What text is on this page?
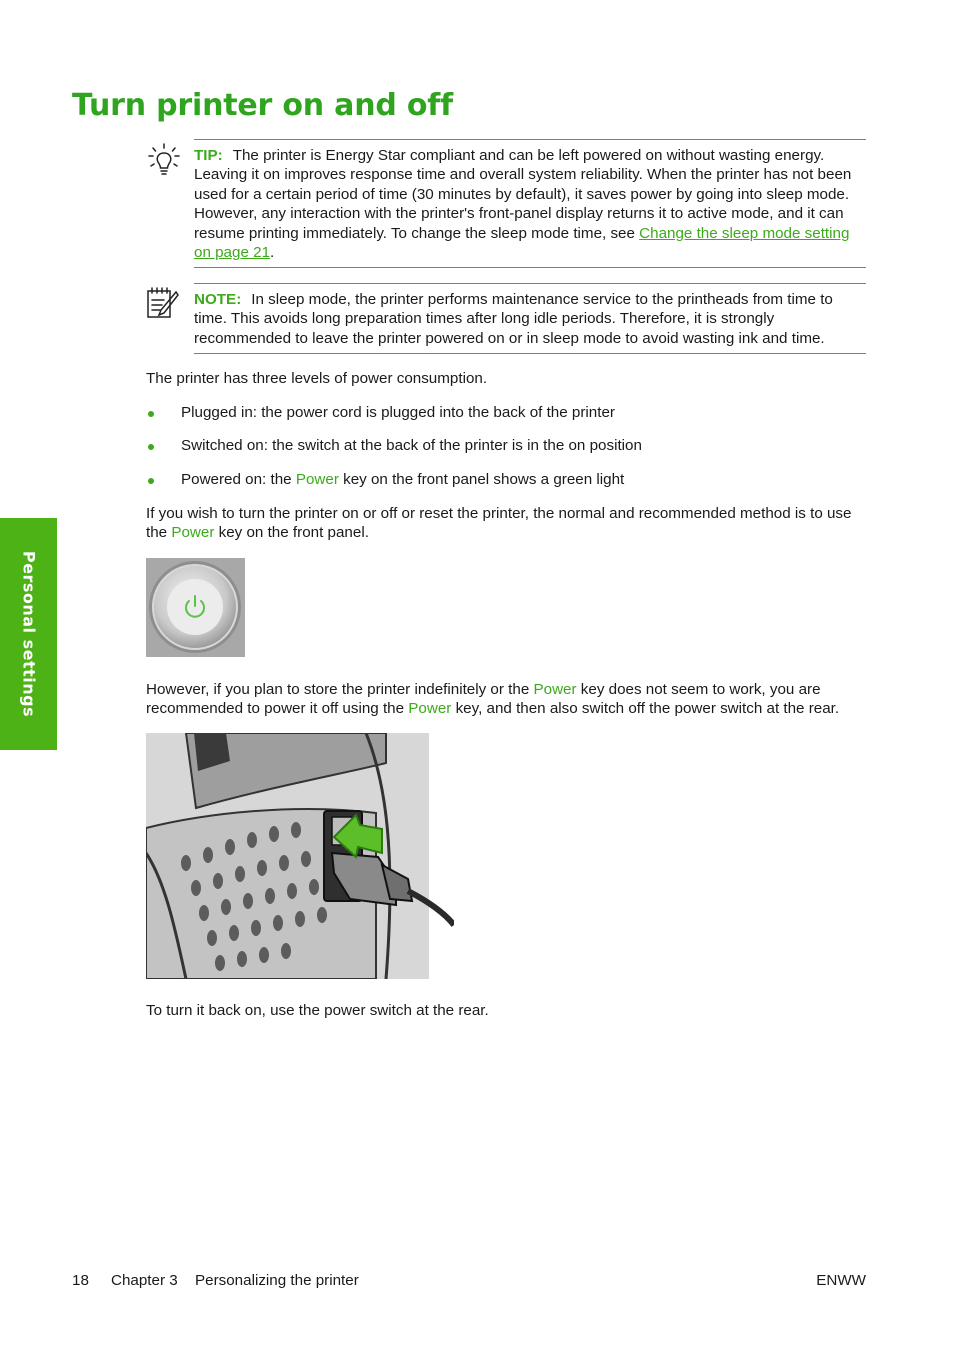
Turn printer on and off
Personal settings
TIP: The printer is Energy Star compliant and can be left powered on without wasting energy. Leaving it on improves response time and overall system reliability. When the printer has not been used for a certain period of time (30 minutes by default), it saves power by going into sleep mode. However, any interaction with the printer's front-panel display returns it to active mode, and it can resume printing immediately. To change the sleep mode time, see Change the sleep mode setting on page 21.
NOTE: In sleep mode, the printer performs maintenance service to the printheads from time to time. This avoids long preparation times after long idle periods. Therefore, it is strongly recommended to leave the printer powered on or in sleep mode to avoid wasting ink and time.

The printer has three levels of power consumption.

Plugged in: the power cord is plugged into the back of the printer
Switched on: the switch at the back of the printer is in the on position
Powered on: the Power key on the front panel shows a green light

If you wish to turn the printer on or off or reset the printer, the normal and recommended method is to use the Power key on the front panel.

However, if you plan to store the printer indefinitely or the Power key does not seem to work, you are recommended to power it off using the Power key, and then also switch off the power switch at the rear.

To turn it back on, use the power switch at the rear.

18 Chapter 3 Personalizing the printer	ENWW
